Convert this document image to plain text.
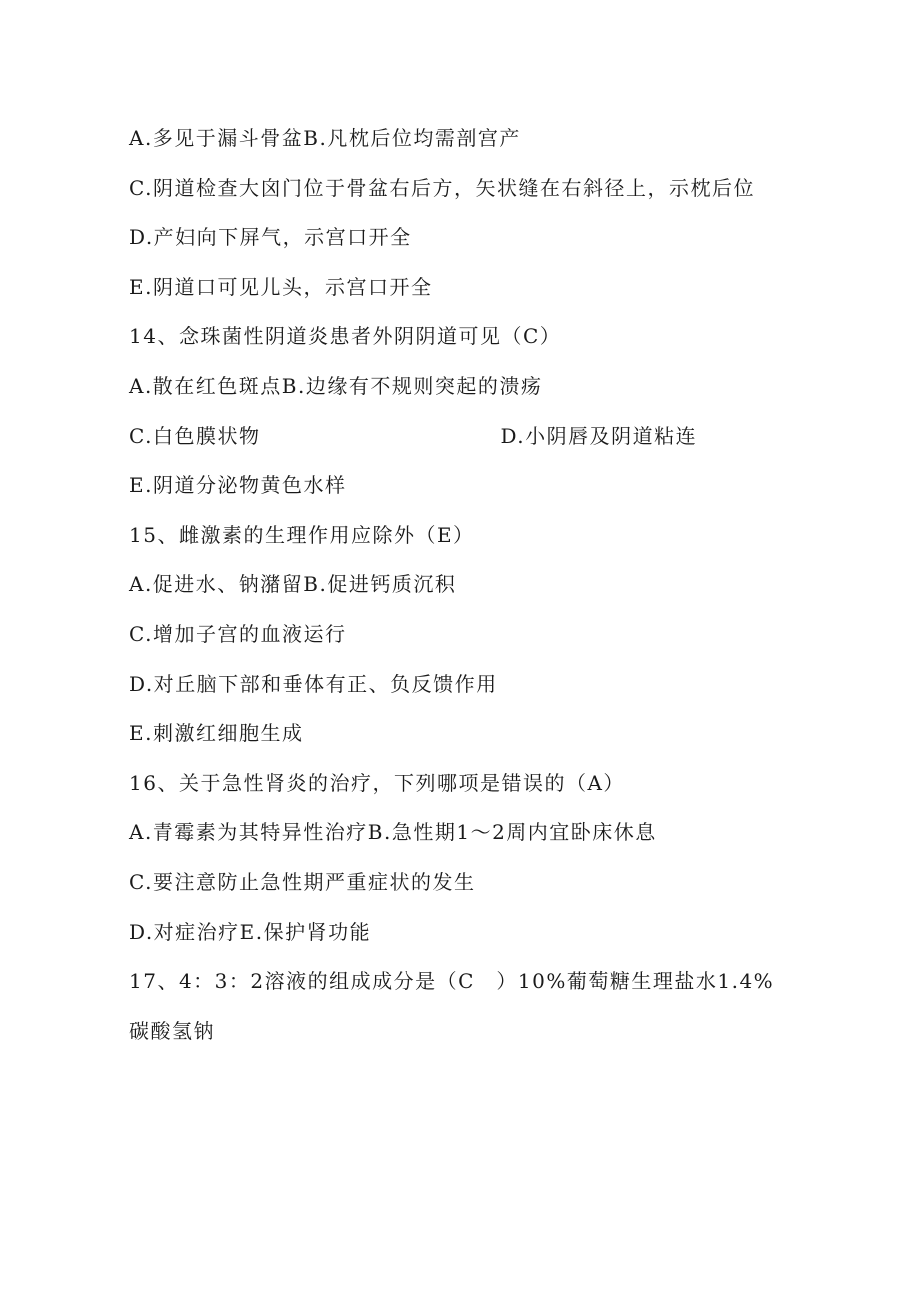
A.多见于漏斗骨盆B.凡枕后位均需剖宫产
C.阴道检查大囟门位于骨盆右后方，矢状缝在右斜径上，示枕后位
D.产妇向下屏气，示宫口开全
E.阴道口可见儿头，示宫口开全
14、念珠菌性阴道炎患者外阴阴道可见（C）
A.散在红色斑点B.边缘有不规则突起的溃疡
C.白色膜状物	D.小阴唇及阴道粘连
E.阴道分泌物黄色水样
15、雌激素的生理作用应除外（E）
A.促进水、钠潴留B.促进钙质沉积
C.增加子宫的血液运行
D.对丘脑下部和垂体有正、负反馈作用
E.刺激红细胞生成
16、关于急性肾炎的治疗，下列哪项是错误的（A）
A.青霉素为其特异性治疗B.急性期1～2周内宜卧床休息
C.要注意防止急性期严重症状的发生
D.对症治疗E.保护肾功能
17、4：3：2溶液的组成成分是（C　）10%葡萄糖生理盐水1.4%
碳酸氢钠
